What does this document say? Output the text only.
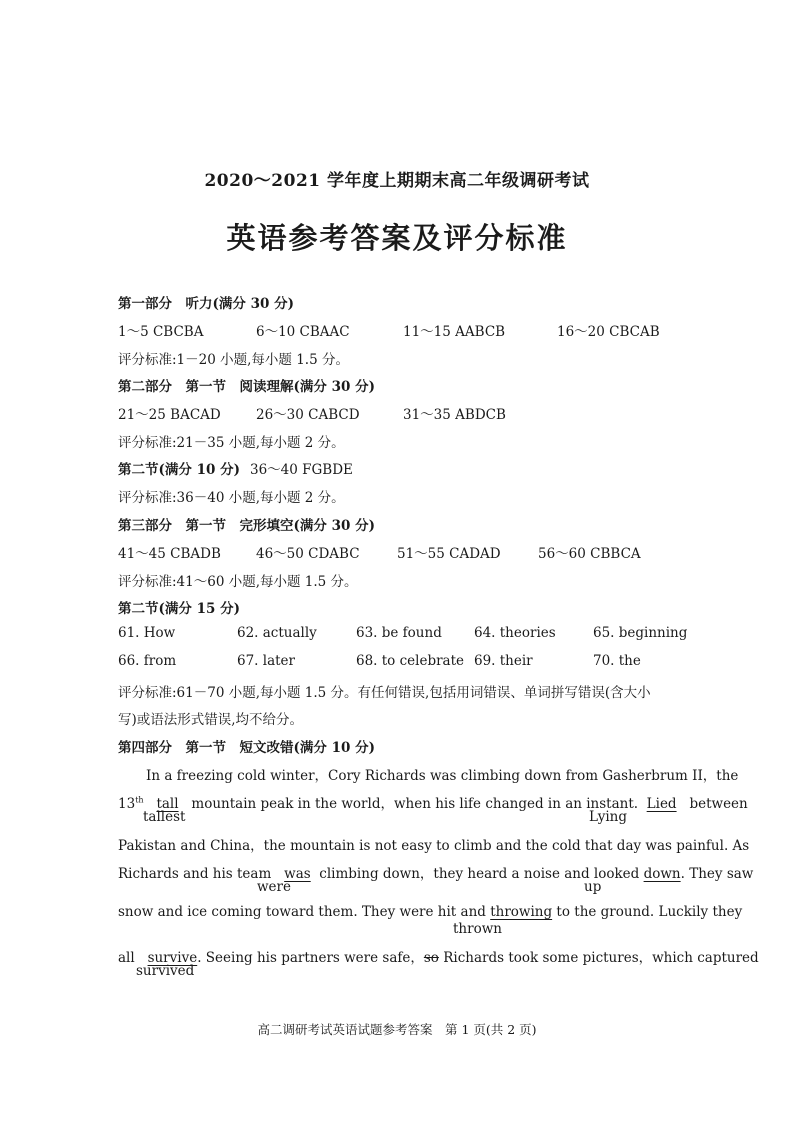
2020～2021 学年度上期期末高二年级调研考试
英语参考答案及评分标准
第一部分　听力(满分 30 分)
1～5 CBCBA	6～10 CBAAC	11～15 AABCB	16～20 CBCAB
评分标准:1－20 小题,每小题 1.5 分。
第二部分　第一节　阅读理解(满分 30 分)
21～25 BACAD	26～30 CABCD	31～35 ABDCB
评分标准:21－35 小题,每小题 2 分。
第二节(满分 10 分) 36～40 FGBDE
评分标准:36－40 小题,每小题 2 分。
第三部分　第一节　完形填空(满分 30 分)
41～45 CBADB	46～50 CDABC	51～55 CADAD	56～60 CBBCA
评分标准:41～60 小题,每小题 1.5 分。
第二节(满分 15 分)
61. How	62. actually	63. be found 64. theories	65. beginning
66. from	67. later	68. to celebrate 69. their	70. the
评分标准:61－70 小题,每小题 1.5 分。有任何错误,包括用词错误、单词拼写错误(含大小
写)或语法形式错误,均不给分。
第四部分　第一节　短文改错(满分 10 分)
In a freezing cold winter，Cory Richards was climbing down from Gasherbrum II，the
13th tall mountain peak in the world，when his life changed in an instant. Lied between
tallest	Lying
Pakistan and China，the mountain is not easy to climb and the cold that day was painful. As
Richards and his team was climbing down，they heard a noise and looked down. They saw
were	up
snow and ice coming toward them. They were hit and throwing to the ground. Luckily they
thrown
all survive. Seeing his partners were safe，so Richards took some pictures，which captured
survived
高二调研考试英语试题参考答案　第 1 页(共 2 页)
